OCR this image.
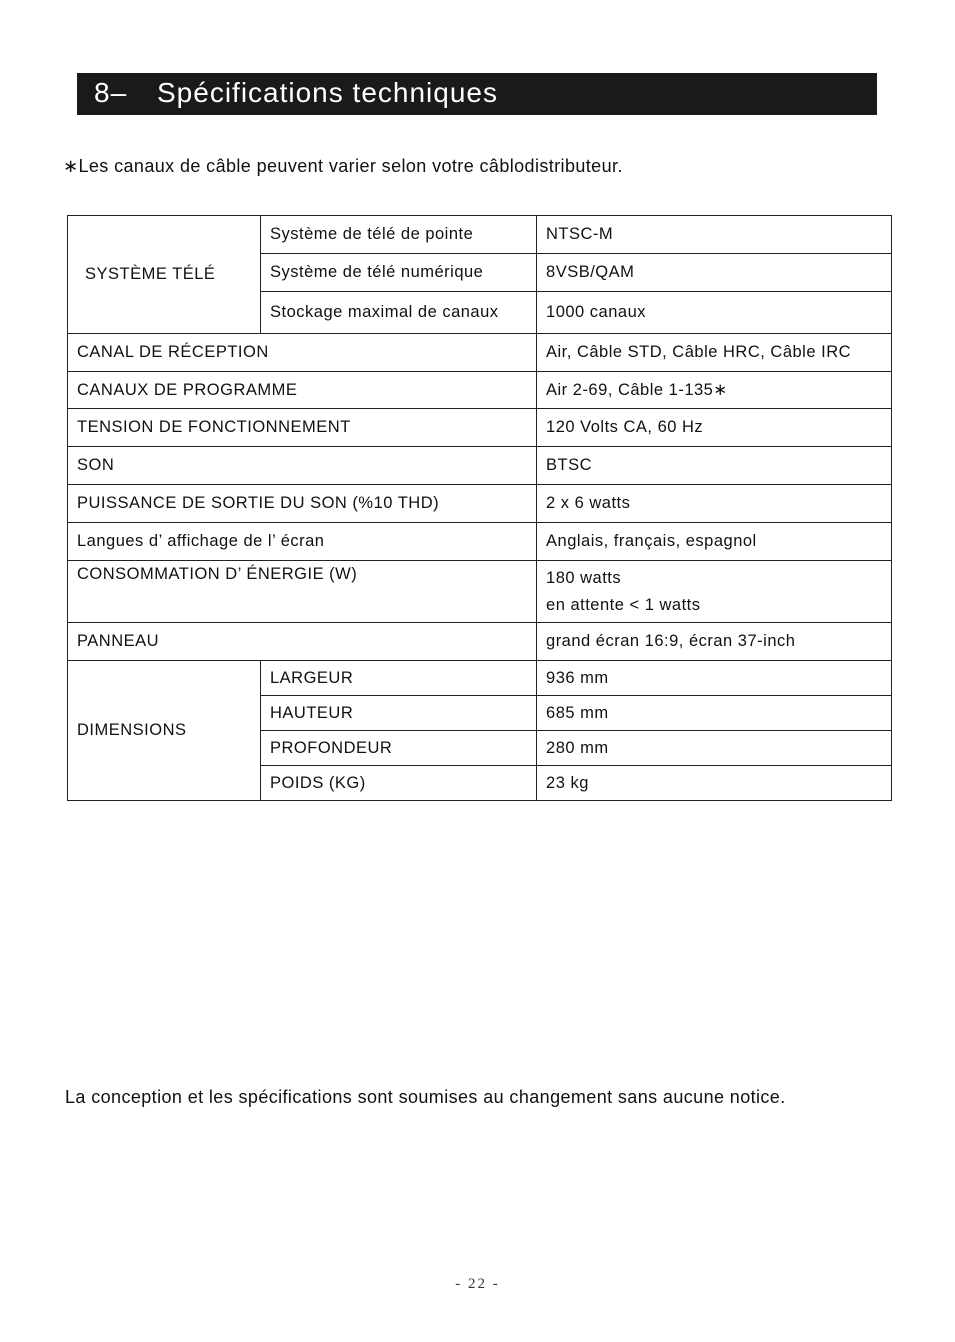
8– Spécifications techniques
∗Les canaux de câble peuvent varier selon votre câblodistributeur.
SYSTÈME TÉLÉ	Système de télé de pointe	NTSC-M
	Système de télé numérique	8VSB/QAM
	Stockage maximal de canaux	1000 canaux
CANAL DE RÉCEPTION		Air, Câble STD, Câble HRC, Câble IRC
CANAUX DE PROGRAMME		Air 2-69, Câble 1-135∗
TENSION DE FONCTIONNEMENT		120 Volts CA, 60 Hz
SON		BTSC
PUISSANCE DE SORTIE DU SON (%10 THD)		2 x 6 watts
Langues d’ affichage de l’ écran		Anglais, français, espagnol
CONSOMMATION D’ ÉNERGIE (W)		180 watts
en attente < 1 watts

PANNEAU		grand écran 16:9, écran 37-inch
DIMENSIONS	LARGEUR	936 mm
	HAUTEUR	685 mm
	PROFONDEUR	280 mm
	POIDS (KG)	23 kg
La conception et les spécifications sont soumises au changement sans aucune notice.
- 22 -
